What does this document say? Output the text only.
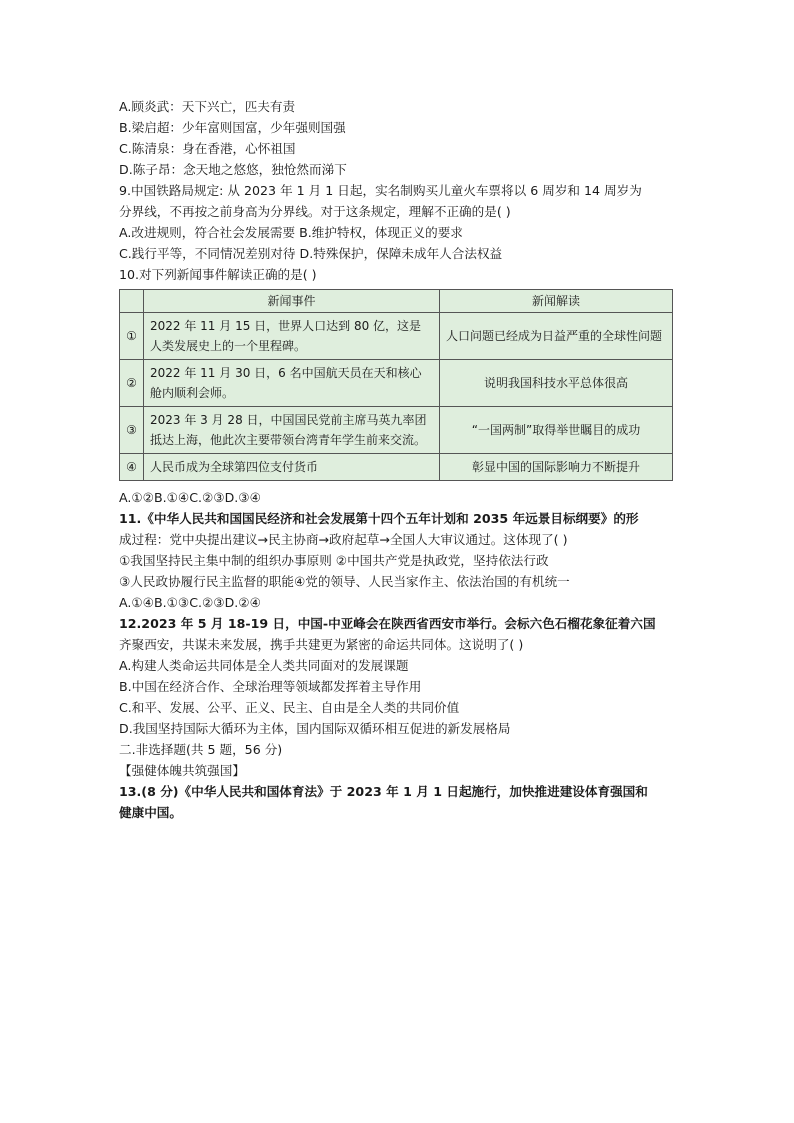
A.顾炎武：天下兴亡，匹夫有责
B.梁启超：少年富则国富，少年强则国强
C.陈清泉：身在香港，心怀祖国
D.陈子昂：念天地之悠悠，独怆然而涕下
9.中国铁路局规定: 从 2023 年 1 月 1 日起，实名制购买儿童火车票将以 6 周岁和 14 周岁为
分界线，不再按之前身高为分界线。对于这条规定，理解不正确的是( )
A.改进规则，符合社会发展需要 B.维护特权，体现正义的要求
C.践行平等，不同情况差别对待 D.特殊保护，保障未成年人合法权益
10.对下列新闻事件解读正确的是( )
	新闻事件	新闻解读
①	2022 年 11 月 15 日，世界人口达到 80 亿，这是人类发展史上的一个里程碑。	人口问题已经成为日益严重的全球性问题
②	2022 年 11 月 30 日，6 名中国航天员在天和核心舱内顺利会师。	说明我国科技水平总体很高
③	2023 年 3 月 28 日，中国国民党前主席马英九率团抵达上海，他此次主要带领台湾青年学生前来交流。	“一国两制”取得举世瞩目的成功
④	人民币成为全球第四位支付货币	彰显中国的国际影响力不断提升
A.①②B.①④C.②③D.③④
11.《中华人民共和国国民经济和社会发展第十四个五年计划和 2035 年远景目标纲要》的形
成过程：党中央提出建议→民主协商→政府起草→全国人大审议通过。这体现了( )
①我国坚持民主集中制的组织办事原则 ②中国共产党是执政党，坚持依法行政
③人民政协履行民主监督的职能④党的领导、人民当家作主、依法治国的有机统一
A.①④B.①③C.②③D.②④
12.2023 年 5 月 18-19 日，中国-中亚峰会在陕西省西安市举行。会标六色石榴花象征着六国
齐聚西安，共谋未来发展，携手共建更为紧密的命运共同体。这说明了( )
A.构建人类命运共同体是全人类共同面对的发展课题
B.中国在经济合作、全球治理等领域都发挥着主导作用
C.和平、发展、公平、正义、民主、自由是全人类的共同价值
D.我国坚持国际大循环为主体，国内国际双循环相互促进的新发展格局
二.非选择题(共 5 题，56 分)
【强健体魄共筑强国】
13.(8 分)《中华人民共和国体育法》于 2023 年 1 月 1 日起施行，加快推进建设体育强国和
健康中国。
